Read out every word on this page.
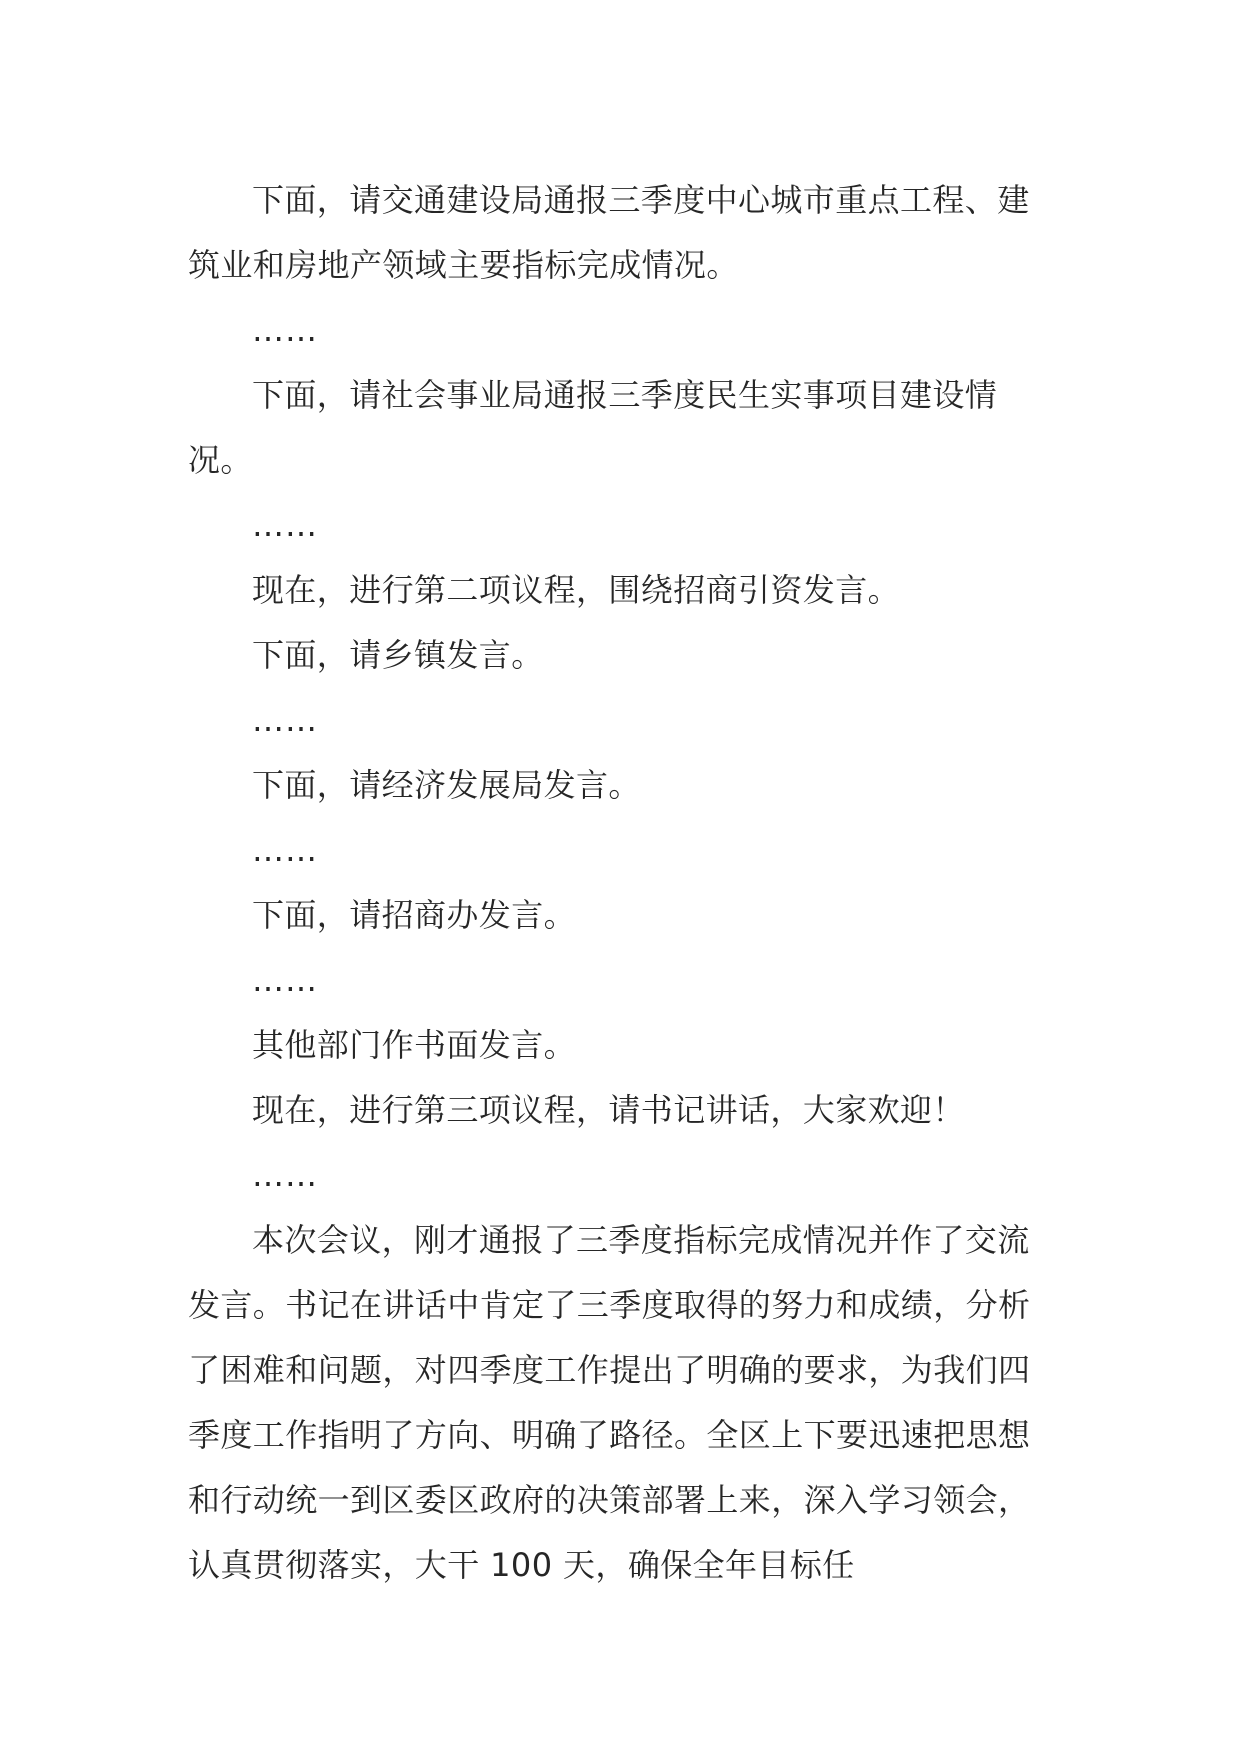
下面，请交通建设局通报三季度中心城市重点工程、建筑业和房地产领域主要指标完成情况。

……

下面，请社会事业局通报三季度民生实事项目建设情况。

……

现在，进行第二项议程，围绕招商引资发言。

下面，请乡镇发言。

……

下面，请经济发展局发言。

……

下面，请招商办发言。

……

其他部门作书面发言。

现在，进行第三项议程，请书记讲话，大家欢迎！

……

本次会议，刚才通报了三季度指标完成情况并作了交流发言。书记在讲话中肯定了三季度取得的努力和成绩，分析了困难和问题，对四季度工作提出了明确的要求，为我们四季度工作指明了方向、明确了路径。全区上下要迅速把思想和行动统一到区委区政府的决策部署上来，深入学习领会，认真贯彻落实，大干 100 天，确保全年目标任
